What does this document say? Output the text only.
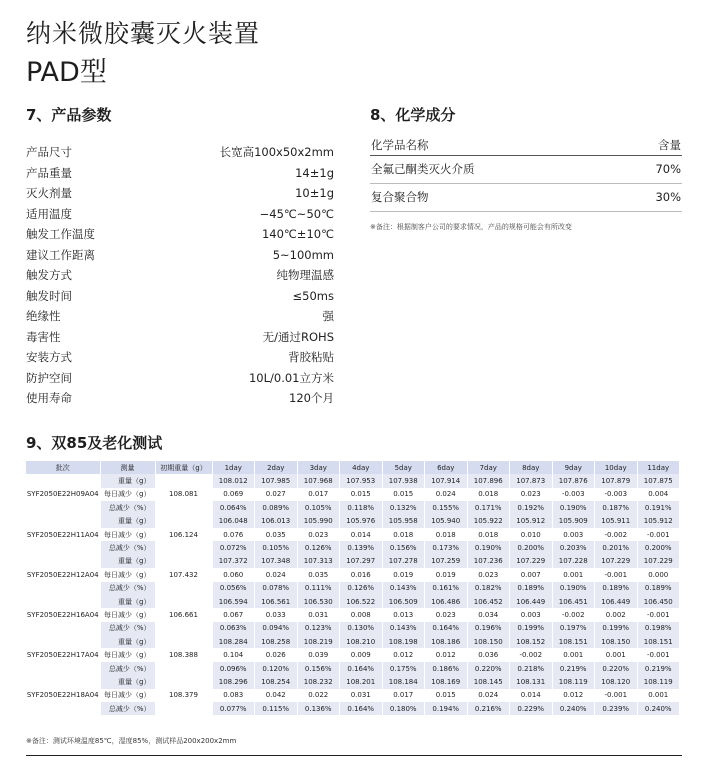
纳米微胶囊灭火装置
PAD型
7、产品参数	8、化学成分
产品尺寸	长宽高100x50x2mm
产品重量	14±1g
灭火剂量	10±1g
适用温度	−45℃~50℃
触发工作温度	140℃±10℃
建议工作距离	5~100mm
触发方式	纯物理温感
触发时间	≤50ms
绝缘性	强
毒害性	无/通过ROHS
安装方式	背胶粘贴
防护空间	10L/0.01立方米
使用寿命	120个月
化学品名称	含量
全氟己酮类灭火介质	70%
复合聚合物	30%
※备注：根据制客户公司的要求情况，产品的规格可能会有所改变
9、双85及老化测试
批次	测量	初期重量（g）	1day	2day	3day	4day	5day	6day	7day	8day	9day	10day	11day
SYF2050E22H09A04	重量（g）	108.081	108.012	107.985	107.968	107.953	107.938	107.914	107.896	107.873	107.876	107.879	107.875
	每日减少（g）		0.069	0.027	0.017	0.015	0.015	0.024	0.018	0.023	-0.003	-0.003	0.004
	总减少（%）		0.064%	0.089%	0.105%	0.118%	0.132%	0.155%	0.171%	0.192%	0.190%	0.187%	0.191%
SYF2050E22H11A04	重量（g）	106.124	106.048	106.013	105.990	105.976	105.958	105.940	105.922	105.912	105.909	105.911	105.912
	每日减少（g）		0.076	0.035	0.023	0.014	0.018	0.018	0.018	0.010	0.003	-0.002	-0.001
	总减少（%）		0.072%	0.105%	0.126%	0.139%	0.156%	0.173%	0.190%	0.200%	0.203%	0.201%	0.200%
SYF2050E22H12A04	重量（g）	107.432	107.372	107.348	107.313	107.297	107.278	107.259	107.236	107.229	107.228	107.229	107.229
	每日减少（g）		0.060	0.024	0.035	0.016	0.019	0.019	0.023	0.007	0.001	-0.001	0.000
	总减少（%）		0.056%	0.078%	0.111%	0.126%	0.143%	0.161%	0.182%	0.189%	0.190%	0.189%	0.189%
SYF2050E22H16A04	重量（g）	106.661	106.594	106.561	106.530	106.522	106.509	106.486	106.452	106.449	106.451	106.449	106.450
	每日减少（g）		0.067	0.033	0.031	0.008	0.013	0.023	0.034	0.003	-0.002	0.002	-0.001
	总减少（%）		0.063%	0.094%	0.123%	0.130%	0.143%	0.164%	0.196%	0.199%	0.197%	0.199%	0.198%
SYF2050E22H17A04	重量（g）	108.388	108.284	108.258	108.219	108.210	108.198	108.186	108.150	108.152	108.151	108.150	108.151
	每日减少（g）		0.104	0.026	0.039	0.009	0.012	0.012	0.036	-0.002	0.001	0.001	-0.001
	总减少（%）		0.096%	0.120%	0.156%	0.164%	0.175%	0.186%	0.220%	0.218%	0.219%	0.220%	0.219%
SYF2050E22H18A04	重量（g）	108.379	108.296	108.254	108.232	108.201	108.184	108.169	108.145	108.131	108.119	108.120	108.119
	每日减少（g）		0.083	0.042	0.022	0.031	0.017	0.015	0.024	0.014	0.012	-0.001	0.001
	总减少（%）		0.077%	0.115%	0.136%	0.164%	0.180%	0.194%	0.216%	0.229%	0.240%	0.239%	0.240%
※备注：测试环境温度85℃，湿度85%，测试样品200x200x2mm
